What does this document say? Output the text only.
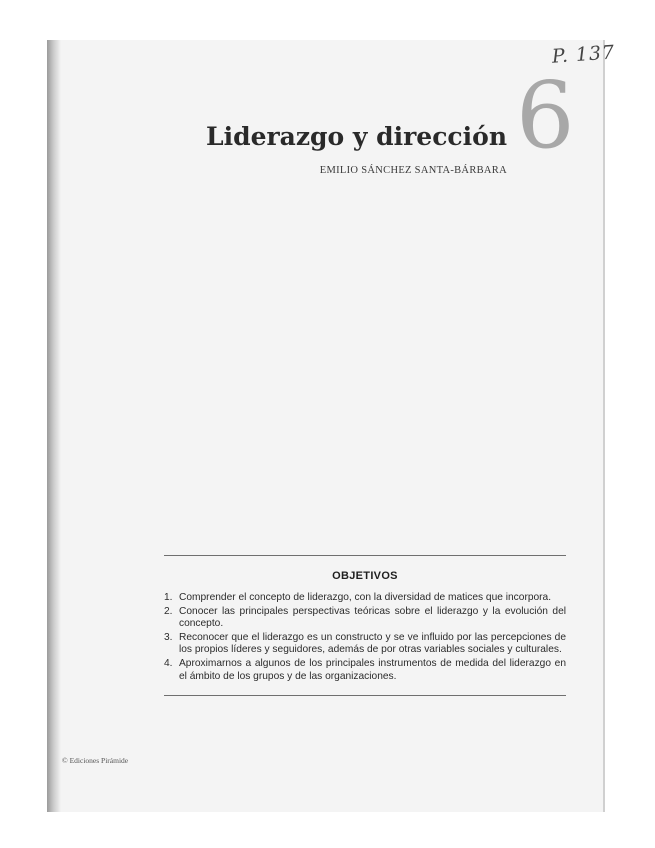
P. 137
6
Liderazgo y dirección
EMILIO SÁNCHEZ SANTA-BÁRBARA
OBJETIVOS
1. Comprender el concepto de liderazgo, con la diversidad de matices que incorpora.
2. Conocer las principales perspectivas teóricas sobre el liderazgo y la evolución del concepto.
3. Reconocer que el liderazgo es un constructo y se ve influido por las percepciones de los propios líderes y seguidores, además de por otras variables sociales y culturales.
4. Aproximarnos a algunos de los principales instrumentos de medida del liderazgo en el ámbito de los grupos y de las organizaciones.
© Ediciones Pirámide
